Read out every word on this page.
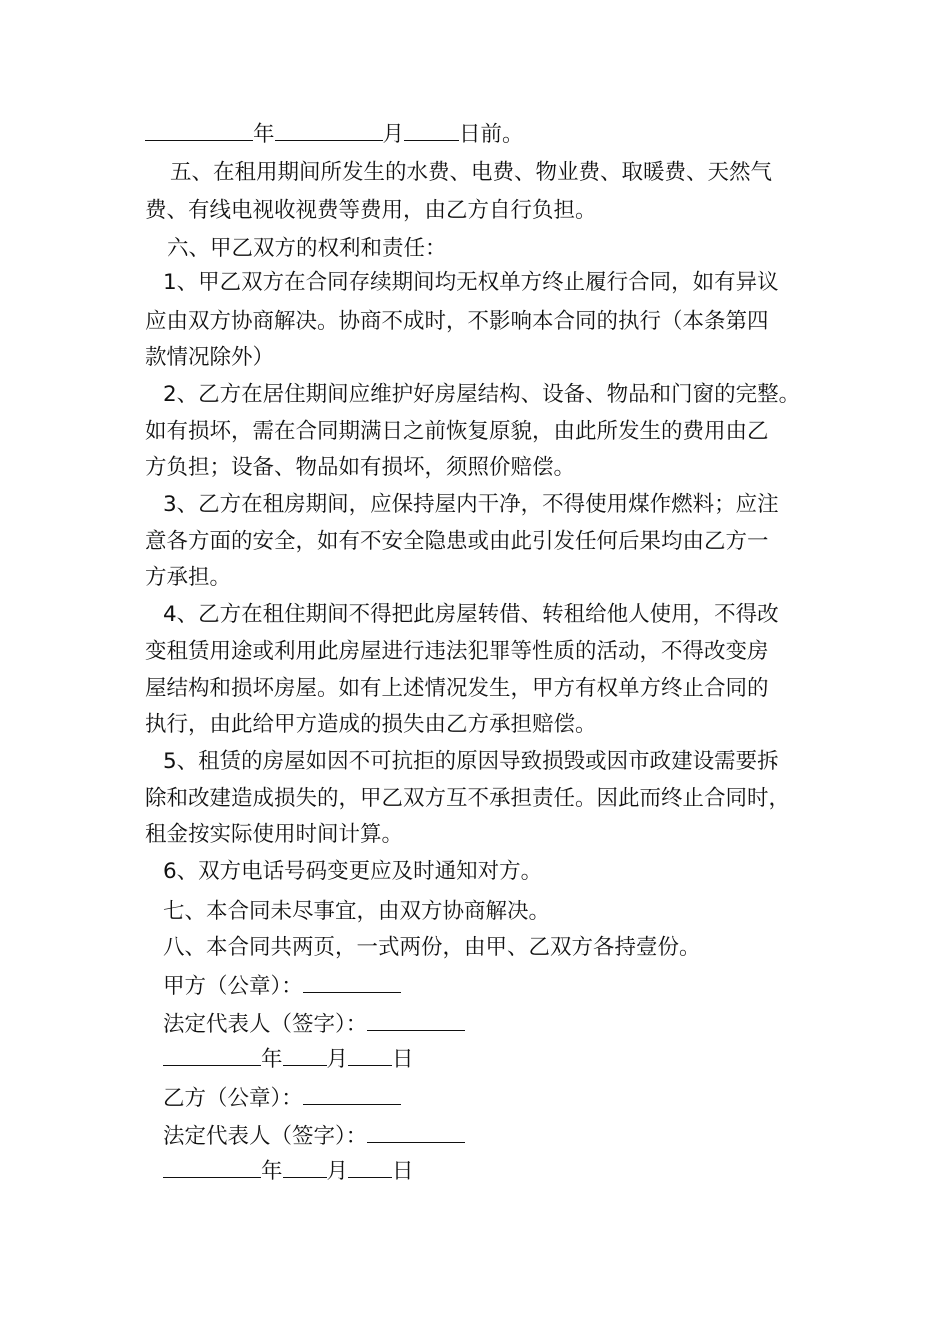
年	月	日前。
五、在租用期间所发生的水费、电费、物业费、取暖费、天然气
费、有线电视收视费等费用，由乙方自行负担。
六、甲乙双方的权利和责任：
1、甲乙双方在合同存续期间均无权单方终止履行合同，如有异议
应由双方协商解决。协商不成时，不影响本合同的执行（本条第四
款情况除外）
2、乙方在居住期间应维护好房屋结构、设备、物品和门窗的完整。
如有损坏，需在合同期满日之前恢复原貌，由此所发生的费用由乙
方负担；设备、物品如有损坏，须照价赔偿。
3、乙方在租房期间，应保持屋内干净，不得使用煤作燃料；应注
意各方面的安全，如有不安全隐患或由此引发任何后果均由乙方一
方承担。
4、乙方在租住期间不得把此房屋转借、转租给他人使用，不得改
变租赁用途或利用此房屋进行违法犯罪等性质的活动，不得改变房
屋结构和损坏房屋。如有上述情况发生，甲方有权单方终止合同的
执行，由此给甲方造成的损失由乙方承担赔偿。
5、租赁的房屋如因不可抗拒的原因导致损毁或因市政建设需要拆
除和改建造成损失的，甲乙双方互不承担责任。因此而终止合同时，
租金按实际使用时间计算。
6、双方电话号码变更应及时通知对方。
七、本合同未尽事宜，由双方协商解决。
八、本合同共两页，一式两份，由甲、乙双方各持壹份。
甲方（公章）：
法定代表人（签字）：
年 月 日
乙方（公章）：
法定代表人（签字）：
年 月 日
